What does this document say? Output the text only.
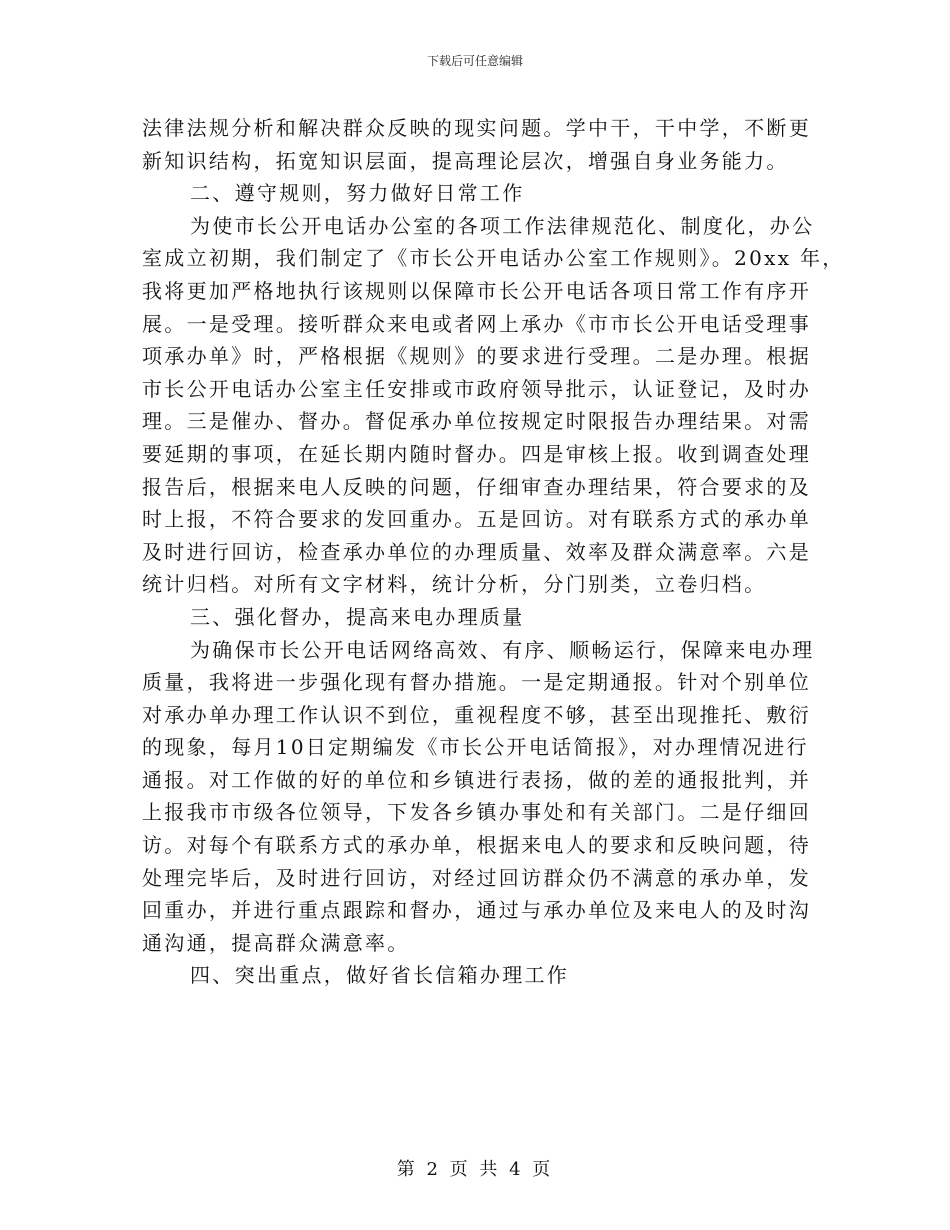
下载后可任意编辑
法律法规分析和解决群众反映的现实问题。学中干，干中学，不断更
新知识结构，拓宽知识层面，提高理论层次，增强自身业务能力。
二、遵守规则，努力做好日常工作
为使市长公开电话办公室的各项工作法律规范化、制度化，办公
室成立初期，我们制定了《市长公开电话办公室工作规则》。20xx 年，
我将更加严格地执行该规则以保障市长公开电话各项日常工作有序开
展。一是受理。接听群众来电或者网上承办《市市长公开电话受理事
项承办单》时，严格根据《规则》的要求进行受理。二是办理。根据
市长公开电话办公室主任安排或市政府领导批示，认证登记，及时办
理。三是催办、督办。督促承办单位按规定时限报告办理结果。对需
要延期的事项，在延长期内随时督办。四是审核上报。收到调查处理
报告后，根据来电人反映的问题，仔细审查办理结果，符合要求的及
时上报，不符合要求的发回重办。五是回访。对有联系方式的承办单
及时进行回访，检查承办单位的办理质量、效率及群众满意率。六是
统计归档。对所有文字材料，统计分析，分门别类，立卷归档。
三、强化督办，提高来电办理质量
为确保市长公开电话网络高效、有序、顺畅运行，保障来电办理
质量，我将进一步强化现有督办措施。一是定期通报。针对个别单位
对承办单办理工作认识不到位，重视程度不够，甚至出现推托、敷衍
的现象，每月10日定期编发《市长公开电话简报》，对办理情况进行
通报。对工作做的好的单位和乡镇进行表扬，做的差的通报批判，并
上报我市市级各位领导，下发各乡镇办事处和有关部门。二是仔细回
访。对每个有联系方式的承办单，根据来电人的要求和反映问题，待
处理完毕后，及时进行回访，对经过回访群众仍不满意的承办单，发
回重办，并进行重点跟踪和督办，通过与承办单位及来电人的及时沟
通沟通，提高群众满意率。
四、突出重点，做好省长信箱办理工作
第 2 页 共 4 页
